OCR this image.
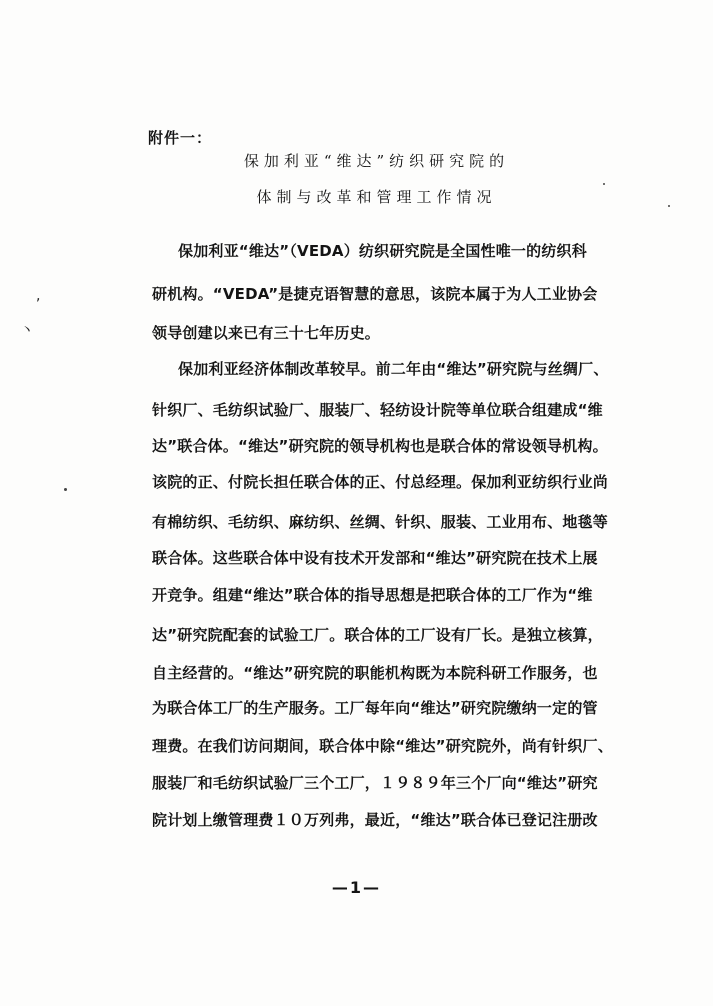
附件一：
保加利亚“维达”纺织研究院的
体制与改革和管理工作情况
保加利亚“维达”（VEDA）纺织研究院是全国性唯一的纺织科
研机构。“VEDA”是捷克语智慧的意思，该院本属于为人工业协会
领导创建以来已有三十七年历史。
保加利亚经济体制改革较早。前二年由“维达”研究院与丝绸厂、
针织厂、毛纺织试验厂、服装厂、轻纺设计院等单位联合组建成“维
达”联合体。“维达”研究院的领导机构也是联合体的常设领导机构。
该院的正、付院长担任联合体的正、付总经理。保加利亚纺织行业尚
有棉纺织、毛纺织、麻纺织、丝绸、针织、服装、工业用布、地毯等
联合体。这些联合体中设有技术开发部和“维达”研究院在技术上展
开竞争。组建“维达”联合体的指导思想是把联合体的工厂作为“维
达”研究院配套的试验工厂。联合体的工厂设有厂长。是独立核算，
自主经营的。“维达”研究院的职能机构既为本院科研工作服务，也
为联合体工厂的生产服务。工厂每年向“维达”研究院缴纳一定的管
理费。在我们访问期间，联合体中除“维达”研究院外，尚有针织厂、
服装厂和毛纺织试验厂三个工厂，１９８９年三个厂向“维达”研究
院计划上缴管理费１０万列弗，最近，“维达”联合体已登记注册改
—1—
,
丶
